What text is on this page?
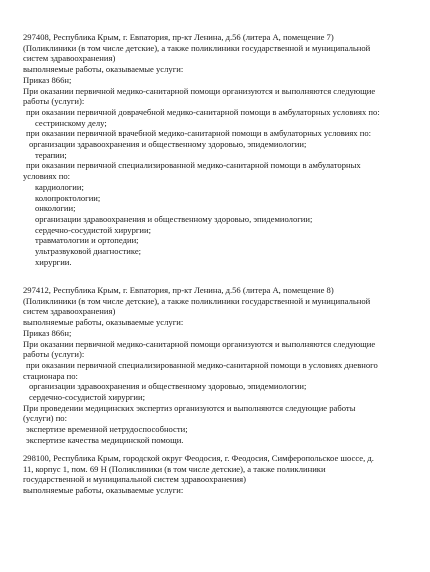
297408, Республика Крым, г. Евпатория, пр-кт Ленина, д.56 (литера А, помещение 7)
(Поликлиники (в том числе детские), а также поликлиники государственной и муниципальной
систем здравоохранения)
выполняемые работы, оказываемые услуги:
Приказ 866н;
При оказании первичной медико-санитарной помощи организуются и выполняются следующие
работы (услуги):
при оказании первичной доврачебной медико-санитарной помощи в амбулаторных условиях по:
сестринскому делу;
при оказании первичной врачебной медико-санитарной помощи в амбулаторных условиях по:
организации здравоохранения и общественному здоровью, эпидемиологии;
терапии;
при оказании первичной специализированной медико-санитарной помощи в амбулаторных
условиях по:
кардиологии;
колопроктологии;
онкологии;
организации здравоохранения и общественному здоровью, эпидемиологии;
сердечно-сосудистой хирургии;
травматологии и ортопедии;
ультразвуковой диагностике;
хирургии.
297412, Республика Крым, г. Евпатория, пр-кт Ленина, д.56 (литера А, помещение 8)
(Поликлиники (в том числе детские), а также поликлиники государственной и муниципальной
систем здравоохранения)
выполняемые работы, оказываемые услуги:
Приказ 866н;
При оказании первичной медико-санитарной помощи организуются и выполняются следующие
работы (услуги):
при оказании первичной специализированной медико-санитарной помощи в условиях дневного
стационара по:
организации здравоохранения и общественному здоровью, эпидемиологии;
сердечно-сосудистой хирургии;
При проведении медицинских экспертиз организуются и выполняются следующие работы
(услуги) по:
экспертизе временной нетрудоспособности;
экспертизе качества медицинской помощи.
298100, Республика Крым, городской округ Феодосия, г. Феодосия, Симферопольское шоссе, д.
11, корпус 1, пом. 69 Н (Поликлиники (в том числе детские), а также поликлиники
государственной и муниципальной систем здравоохранения)
выполняемые работы, оказываемые услуги:
